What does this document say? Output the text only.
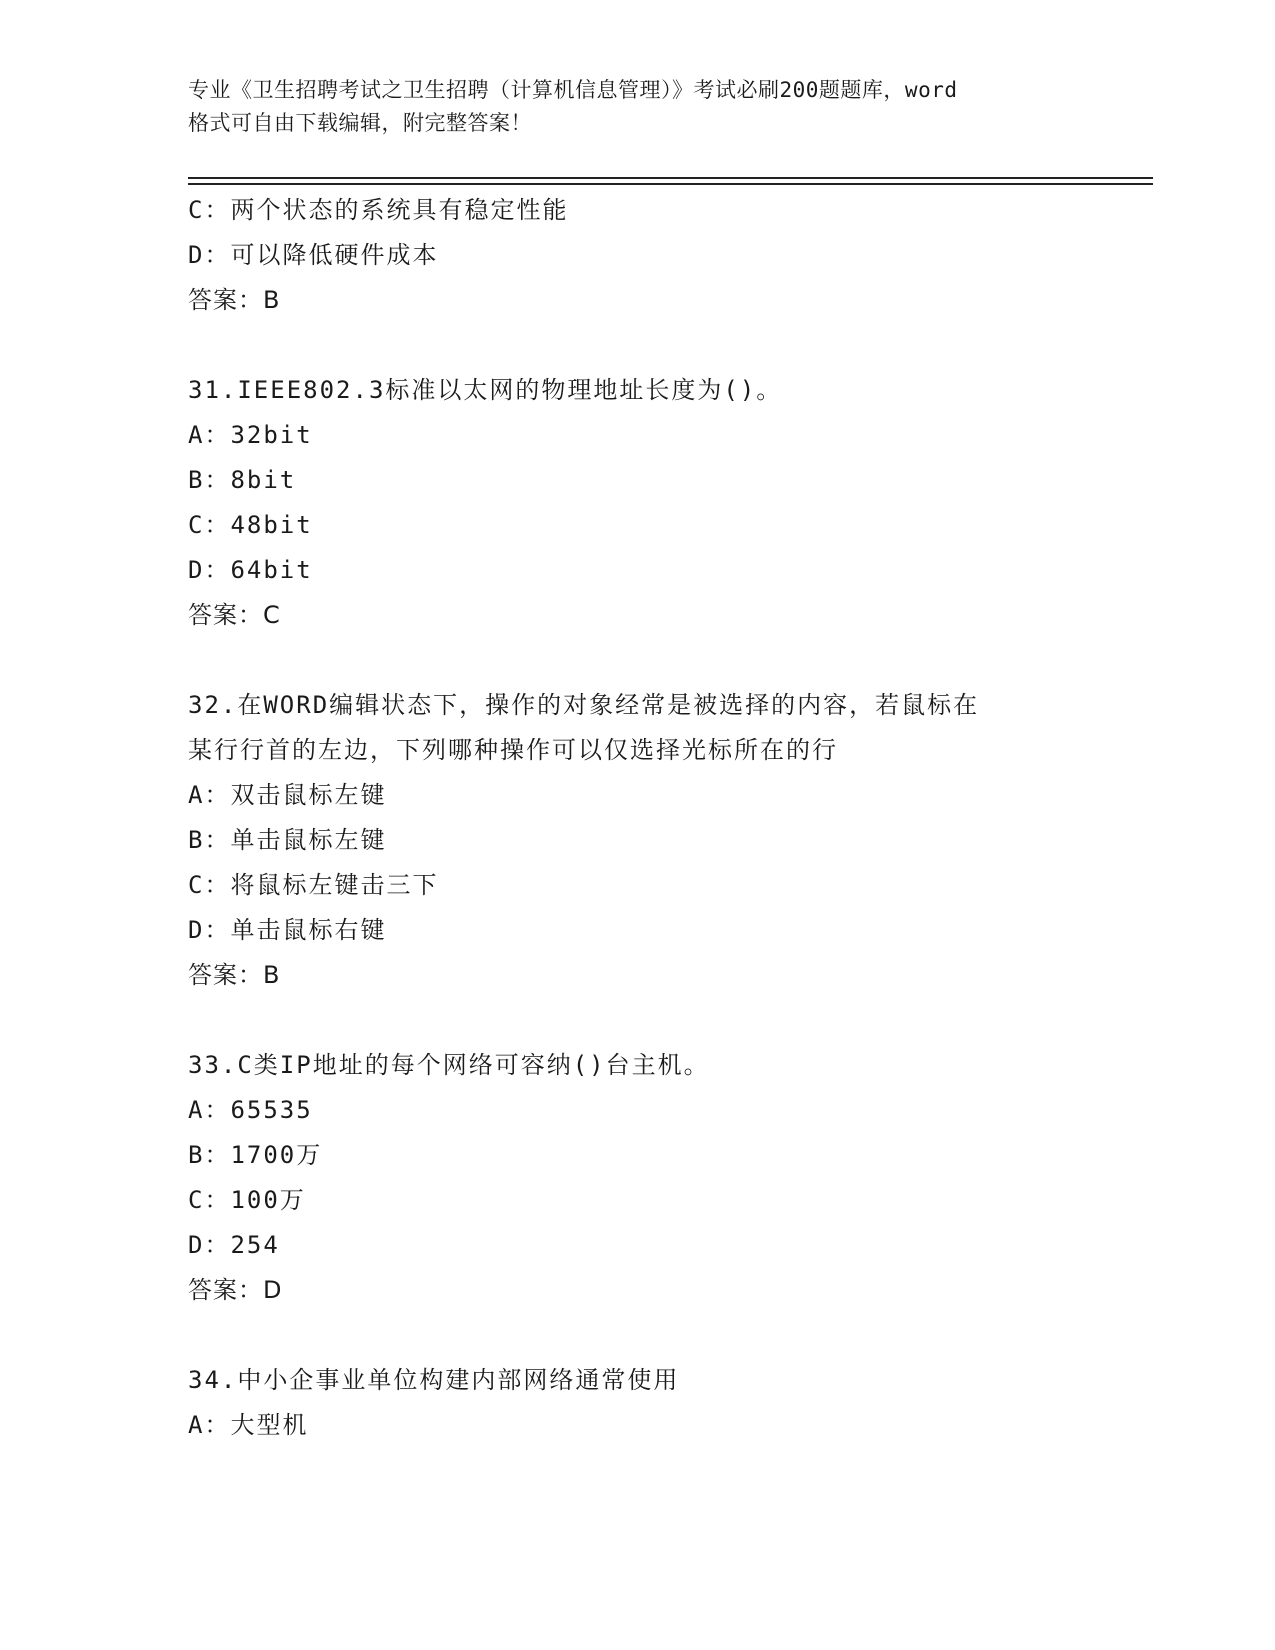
专业《卫生招聘考试之卫生招聘（计算机信息管理）》考试必刷200题题库，word
格式可自由下载编辑，附完整答案！
C：两个状态的系统具有稳定性能
D：可以降低硬件成本
答案：B
31.IEEE802.3标准以太网的物理地址长度为()。
A：32bit
B：8bit
C：48bit
D：64bit
答案：C
32.在WORD编辑状态下，操作的对象经常是被选择的内容，若鼠标在
某行行首的左边，下列哪种操作可以仅选择光标所在的行
A：双击鼠标左键
B：单击鼠标左键
C：将鼠标左键击三下
D：单击鼠标右键
答案：B
33.C类IP地址的每个网络可容纳()台主机。
A：65535
B：1700万
C：100万
D：254
答案：D
34.中小企事业单位构建内部网络通常使用
A：大型机
